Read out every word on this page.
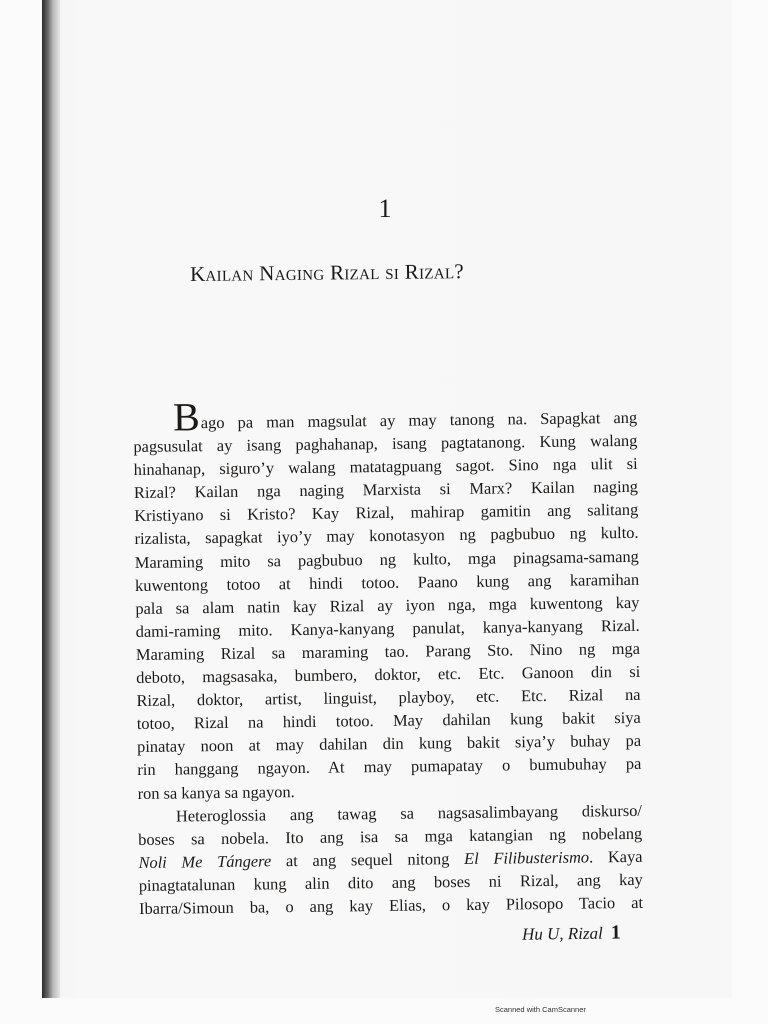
1
Kailan Naging Rizal si Rizal?
Bago pa man magsulat ay may tanong na. Sapagkat ang
pagsusulat ay isang paghahanap, isang pagtatanong. Kung walang
hinahanap, siguro’y walang matatagpuang sagot. Sino nga ulit si
Rizal? Kailan nga naging Marxista si Marx? Kailan naging
Kristiyano si Kristo? Kay Rizal, mahirap gamitin ang salitang
rizalista, sapagkat iyo’y may konotasyon ng pagbubuo ng kulto.
Maraming mito sa pagbubuo ng kulto, mga pinagsama-samang
kuwentong totoo at hindi totoo. Paano kung ang karamihan
pala sa alam natin kay Rizal ay iyon nga, mga kuwentong kay
dami-raming mito. Kanya-kanyang panulat, kanya-kanyang Rizal.
Maraming Rizal sa maraming tao. Parang Sto. Nino ng mga
deboto, magsasaka, bumbero, doktor, etc. Etc. Ganoon din si
Rizal, doktor, artist, linguist, playboy, etc. Etc. Rizal na
totoo, Rizal na hindi totoo. May dahilan kung bakit siya
pinatay noon at may dahilan din kung bakit siya’y buhay pa
rin hanggang ngayon. At may pumapatay o bumubuhay pa
ron sa kanya sa ngayon.
Heteroglossia ang tawag sa nagsasalimbayang diskurso/
boses sa nobela. Ito ang isa sa mga katangian ng nobelang
Noli Me Tángere at ang sequel nitong El Filibusterismo. Kaya
pinagtatalunan kung alin dito ang boses ni Rizal, ang kay
Ibarra/Simoun ba, o ang kay Elias, o kay Pilosopo Tacio at
Hu U, Rizal 1
Scanned with CamScanner
